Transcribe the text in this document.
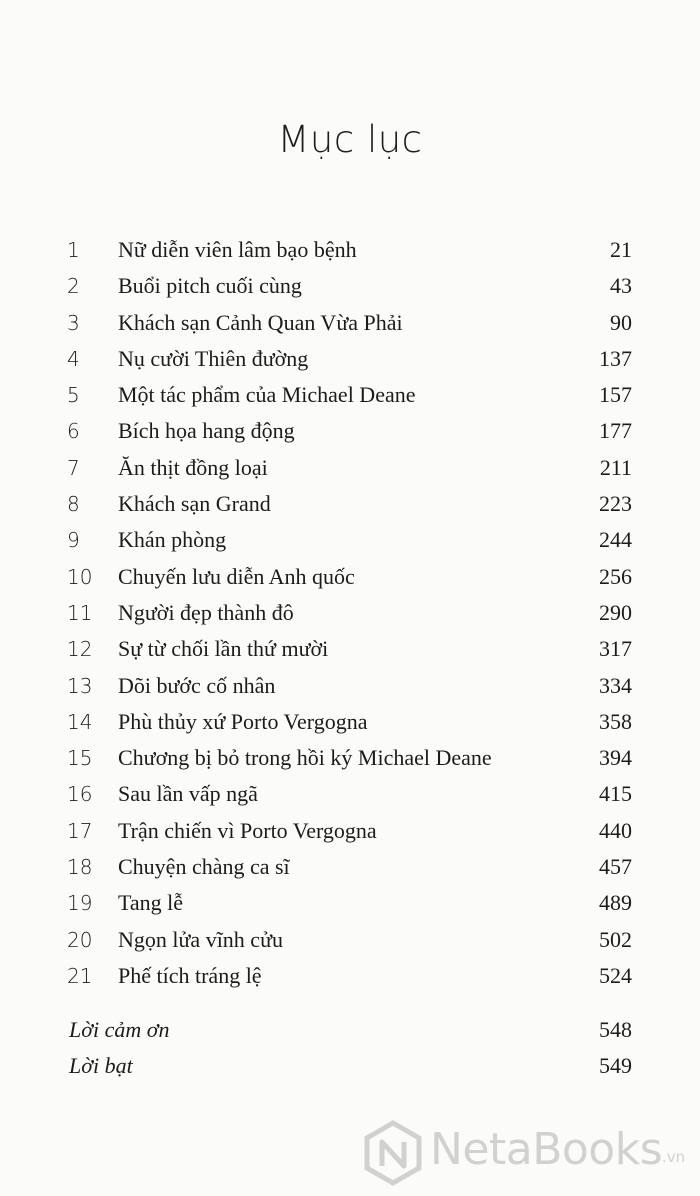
Mục lục
1 Nữ diễn viên lâm bạo bệnh	21
2 Buổi pitch cuối cùng	43
3 Khách sạn Cảnh Quan Vừa Phải	90
4 Nụ cười Thiên đường	137
5 Một tác phẩm của Michael Deane	157
6 Bích họa hang động	177
7 Ăn thịt đồng loại	211
8 Khách sạn Grand	223
9 Khán phòng	244
10 Chuyến lưu diễn Anh quốc	256
11 Người đẹp thành đô	290
12 Sự từ chối lần thứ mười	317
13 Dõi bước cố nhân	334
14 Phù thủy xứ Porto Vergogna	358
15 Chương bị bỏ trong hồi ký Michael Deane	394
16 Sau lần vấp ngã	415
17 Trận chiến vì Porto Vergogna	440
18 Chuyện chàng ca sĩ	457
19 Tang lễ	489
20 Ngọn lửa vĩnh cửu	502
21 Phế tích tráng lệ	524
Lời cảm ơn	548
Lời bạt	549
NetaBooks .vn
